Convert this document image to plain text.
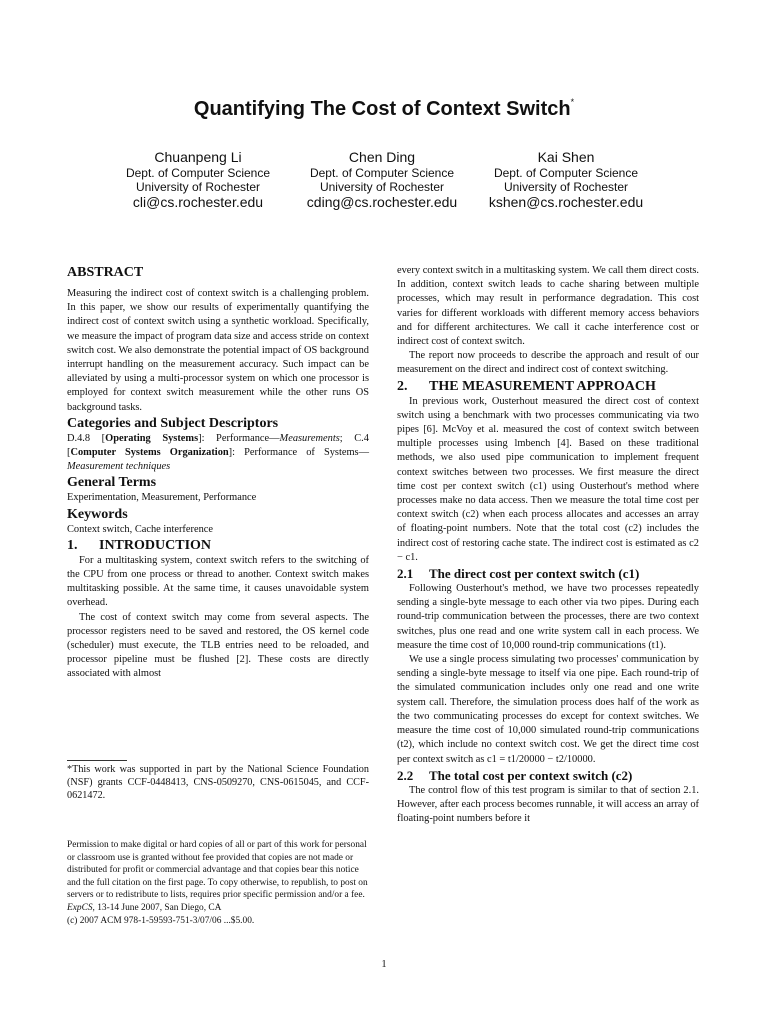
Quantifying The Cost of Context Switch*
Chuanpeng Li
Dept. of Computer Science
University of Rochester
cli@cs.rochester.edu
Chen Ding
Dept. of Computer Science
University of Rochester
cding@cs.rochester.edu
Kai Shen
Dept. of Computer Science
University of Rochester
kshen@cs.rochester.edu
ABSTRACT

Measuring the indirect cost of context switch is a challenging problem. In this paper, we show our results of experimentally quantifying the indirect cost of context switch using a synthetic workload. Specifically, we measure the impact of program data size and access stride on context switch cost. We also demonstrate the potential impact of OS background interrupt handling on the measurement accuracy. Such impact can be alleviated by using a multi-processor system on which one processor is employed for context switch measurement while the other runs OS background tasks.

Categories and Subject Descriptors

D.4.8 [Operating Systems]: Performance—Measurements; C.4 [Computer Systems Organization]: Performance of Systems—Measurement techniques

General Terms

Experimentation, Measurement, Performance

Keywords

Context switch, Cache interference

1. INTRODUCTION

For a multitasking system, context switch refers to the switching of the CPU from one process or thread to another. Context switch makes multitasking possible. At the same time, it causes unavoidable system overhead.

The cost of context switch may come from several aspects. The processor registers need to be saved and restored, the OS kernel code (scheduler) must execute, the TLB entries need to be reloaded, and processor pipeline must be flushed [2]. These costs are directly associated with almost

*This work was supported in part by the National Science Foundation (NSF) grants CCF-0448413, CNS-0509270, CNS-0615045, and CCF-0621472.
Permission to make digital or hard copies of all or part of this work for personal or classroom use is granted without fee provided that copies are not made or distributed for profit or commercial advantage and that copies bear this notice and the full citation on the first page. To copy otherwise, to republish, to post on servers or to redistribute to lists, requires prior specific permission and/or a fee.
ExpCS, 13-14 June 2007, San Diego, CA
(c) 2007 ACM 978-1-59593-751-3/07/06 ...$5.00.

every context switch in a multitasking system. We call them direct costs. In addition, context switch leads to cache sharing between multiple processes, which may result in performance degradation. This cost varies for different workloads with different memory access behaviors and for different architectures. We call it cache interference cost or indirect cost of context switch.

The report now proceeds to describe the approach and result of our measurement on the direct and indirect cost of context switching.

2. THE MEASUREMENT APPROACH

In previous work, Ousterhout measured the direct cost of context switch using a benchmark with two processes communicating via two pipes [6]. McVoy et al. measured the cost of context switch between multiple processes using lmbench [4]. Based on these traditional methods, we also used pipe communication to implement frequent context switches between two processes. We first measure the direct time cost per context switch (c1) using Ousterhout's method where processes make no data access. Then we measure the total time cost per context switch (c2) when each process allocates and accesses an array of floating-point numbers. Note that the total cost (c2) includes the indirect cost of restoring cache state. The indirect cost is estimated as c2 − c1.

2.1 The direct cost per context switch (c1)

Following Ousterhout's method, we have two processes repeatedly sending a single-byte message to each other via two pipes. During each round-trip communication between the processes, there are two context switches, plus one read and one write system call in each process. We measure the time cost of 10,000 round-trip communications (t1).

We use a single process simulating two processes' communication by sending a single-byte message to itself via one pipe. Each round-trip of the simulated communication includes only one read and one write system call. Therefore, the simulation process does half of the work as the two communicating processes do except for context switches. We measure the time cost of 10,000 simulated round-trip communications (t2), which include no context switch cost. We get the direct time cost per context switch as c1 = t1/20000 − t2/10000.

2.2 The total cost per context switch (c2)

The control flow of this test program is similar to that of section 2.1. However, after each process becomes runnable, it will access an array of floating-point numbers before it

1
